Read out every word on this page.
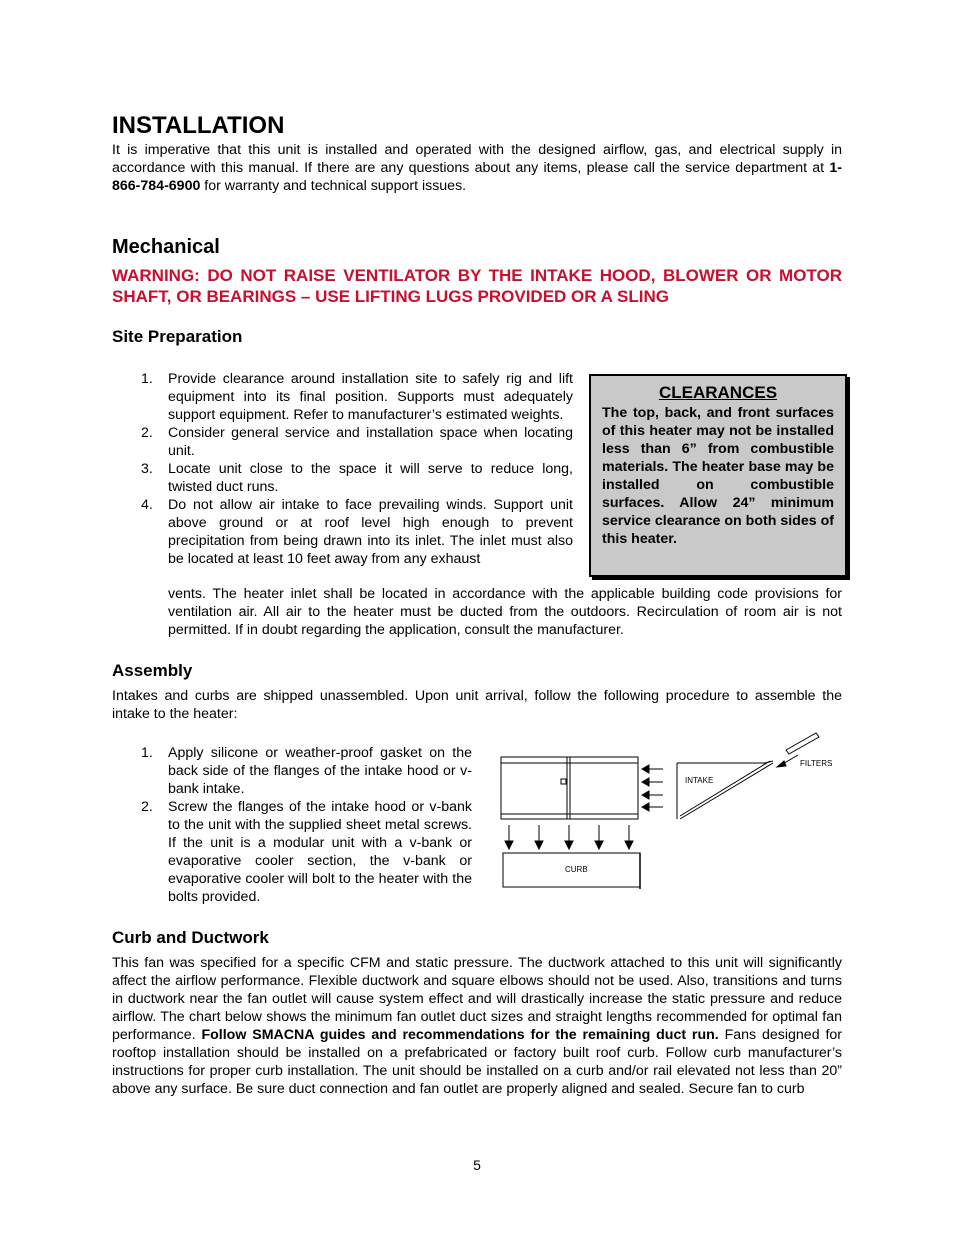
INSTALLATION
It is imperative that this unit is installed and operated with the designed airflow, gas, and electrical supply in accordance with this manual. If there are any questions about any items, please call the service department at 1-866-784-6900 for warranty and technical support issues.
Mechanical
WARNING: DO NOT RAISE VENTILATOR BY THE INTAKE HOOD, BLOWER OR MOTOR SHAFT, OR BEARINGS – USE LIFTING LUGS PROVIDED OR A SLING
Site Preparation
1. Provide clearance around installation site to safely rig and lift equipment into its final position. Supports must adequately support equipment. Refer to manufacturer’s estimated weights.
2. Consider general service and installation space when locating unit.
3. Locate unit close to the space it will serve to reduce long, twisted duct runs.
4. Do not allow air intake to face prevailing winds. Support unit above ground or at roof level high enough to prevent precipitation from being drawn into its inlet. The inlet must also be located at least 10 feet away from any exhaust
vents. The heater inlet shall be located in accordance with the applicable building code provisions for ventilation air. All air to the heater must be ducted from the outdoors. Recirculation of room air is not permitted. If in doubt regarding the application, consult the manufacturer.
CLEARANCES
The top, back, and front surfaces of this heater may not be installed less than 6” from combustible materials. The heater base may be installed on combustible surfaces. Allow 24” minimum service clearance on both sides of this heater.
Assembly
Intakes and curbs are shipped unassembled. Upon unit arrival, follow the following procedure to assemble the intake to the heater:
1. Apply silicone or weather-proof gasket on the back side of the flanges of the intake hood or v-bank intake.
2. Screw the flanges of the intake hood or v-bank to the unit with the supplied sheet metal screws. If the unit is a modular unit with a v-bank or evaporative cooler section, the v-bank or evaporative cooler will bolt to the heater with the bolts provided.
INTAKE
FILTERS
CURB
Curb and Ductwork
This fan was specified for a specific CFM and static pressure. The ductwork attached to this unit will significantly affect the airflow performance. Flexible ductwork and square elbows should not be used. Also, transitions and turns in ductwork near the fan outlet will cause system effect and will drastically increase the static pressure and reduce airflow. The chart below shows the minimum fan outlet duct sizes and straight lengths recommended for optimal fan performance. Follow SMACNA guides and recommendations for the remaining duct run. Fans designed for rooftop installation should be installed on a prefabricated or factory built roof curb. Follow curb manufacturer’s instructions for proper curb installation. The unit should be installed on a curb and/or rail elevated not less than 20” above any surface. Be sure duct connection and fan outlet are properly aligned and sealed. Secure fan to curb
5
